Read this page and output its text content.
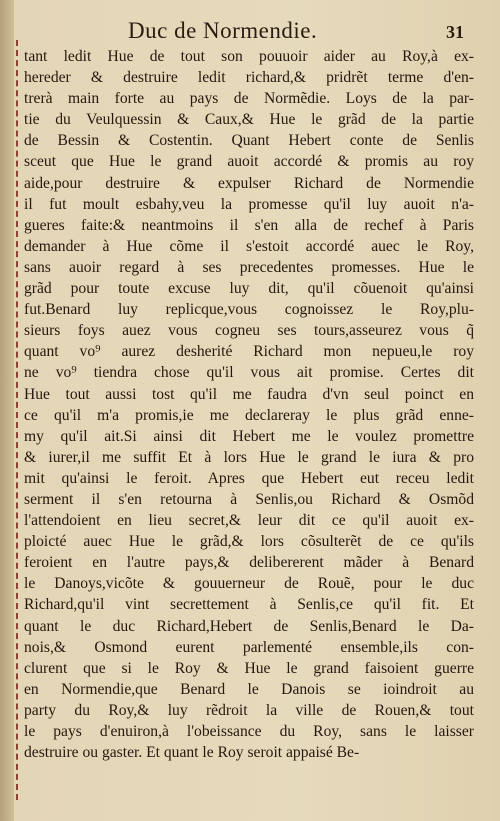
Duc de Normendie.	31
tant ledit Hue de tout son pouuoir aider au Roy,à ex-
hereder & destruire ledit richard,& pridrẽt terme d'en-
trerà main forte au pays de Normẽdie. Loys de la par-
tie du Veulquessin & Caux,& Hue le grãd de la partie
de Bessin & Costentin. Quant Hebert conte de Senlis
sceut que Hue le grand auoit accordé & promis au roy
aide,pour destruire & expulser Richard de Normendie
il fut moult esbahy,veu la promesse qu'il luy auoit n'a-
gueres faite:& neantmoins il s'en alla de rechef à Paris
demander à Hue cõme il s'estoit accordé auec le Roy,
sans auoir regard à ses precedentes promesses. Hue le
grãd pour toute excuse luy dit, qu'il cõuenoit qu'ainsi
fut.Benard luy replicque,vous cognoissez le Roy,plu-
sieurs foys auez vous cogneu ses tours,asseurez vous q̃
quant vo⁹ aurez desherité Richard mon nepueu,le roy
ne vo⁹ tiendra chose qu'il vous ait promise. Certes dit
Hue tout aussi tost qu'il me faudra d'vn seul poinct en
ce qu'il m'a promis,ie me declareray le plus grãd enne-
my qu'il ait.Si ainsi dit Hebert me le voulez promettre
& iurer,il me suffit Et à lors Hue le grand le iura & pro
mit qu'ainsi le feroit. Apres que Hebert eut receu ledit
serment il s'en retourna à Senlis,ou Richard & Osmõd
l'attendoient en lieu secret,& leur dit ce qu'il auoit ex-
ploicté auec Hue le grãd,& lors cõsulterẽt de ce qu'ils
feroient en l'autre pays,& delibererent mãder à Benard
le Danoys,vicõte & gouuerneur de Rouẽ, pour le duc
Richard,qu'il vint secrettement à Senlis,ce qu'il fit. Et
quant le duc Richard,Hebert de Senlis,Benard le Da-
nois,& Osmond eurent parlementé ensemble,ils con-
clurent que si le Roy & Hue le grand faisoient guerre
en Normendie,que Benard le Danois se ioindroit au
party du Roy,& luy rẽdroit la ville de Rouen,& tout
le pays d'enuiron,à l'obeissance du Roy, sans le laisser
destruire ou gaster. Et quant le Roy seroit appaisé Be-
